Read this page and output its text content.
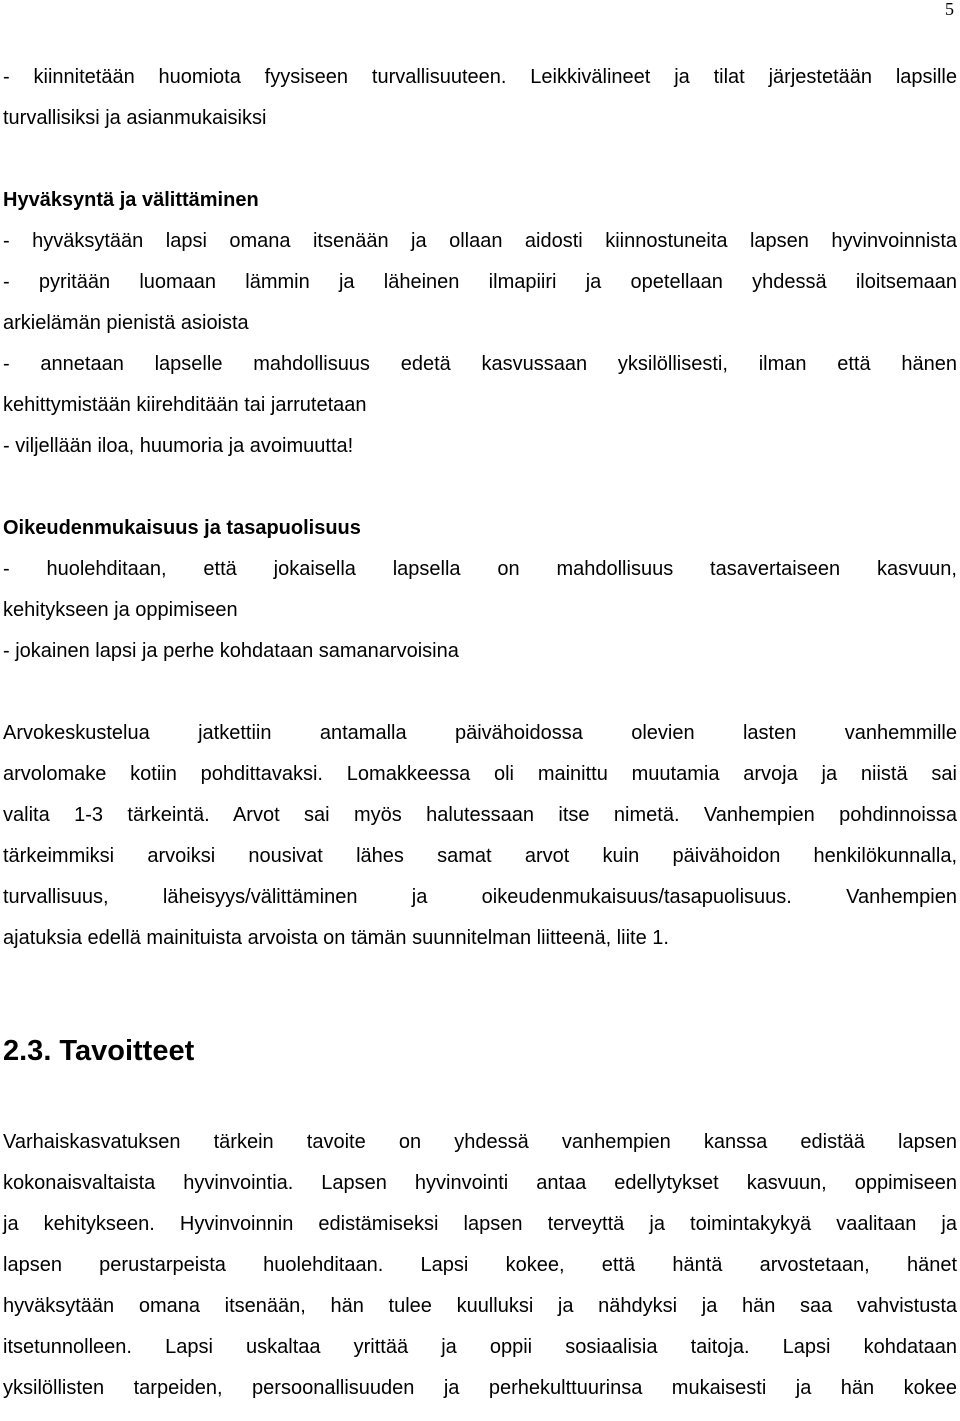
5
- kiinnitetään huomiota fyysiseen turvallisuuteen. Leikkivälineet ja tilat järjestetään lapsille
turvallisiksi ja asianmukaisiksi
Hyväksyntä ja välittäminen
- hyväksytään lapsi omana itsenään ja ollaan aidosti kiinnostuneita lapsen hyvinvoinnista
- pyritään luomaan lämmin ja läheinen ilmapiiri ja opetellaan yhdessä iloitsemaan
arkielämän pienistä asioista
- annetaan lapselle mahdollisuus edetä kasvussaan yksilöllisesti, ilman että hänen
kehittymistään kiirehditään tai jarrutetaan
- viljellään iloa, huumoria ja avoimuutta!
Oikeudenmukaisuus ja tasapuolisuus
- huolehditaan, että jokaisella lapsella on mahdollisuus tasavertaiseen kasvuun,
kehitykseen ja oppimiseen
- jokainen lapsi ja perhe kohdataan samanarvoisina
Arvokeskustelua jatkettiin antamalla päivähoidossa olevien lasten vanhemmille
arvolomake kotiin pohdittavaksi. Lomakkeessa oli mainittu muutamia arvoja ja niistä sai
valita 1-3 tärkeintä. Arvot sai myös halutessaan itse nimetä. Vanhempien pohdinnoissa
tärkeimmiksi arvoiksi nousivat lähes samat arvot kuin päivähoidon henkilökunnalla,
turvallisuus, läheisyys/välittäminen ja oikeudenmukaisuus/tasapuolisuus. Vanhempien
ajatuksia edellä mainituista arvoista on tämän suunnitelman liitteenä, liite 1.
2.3. Tavoitteet
Varhaiskasvatuksen tärkein tavoite on yhdessä vanhempien kanssa edistää lapsen
kokonaisvaltaista hyvinvointia. Lapsen hyvinvointi antaa edellytykset kasvuun, oppimiseen
ja kehitykseen. Hyvinvoinnin edistämiseksi lapsen terveyttä ja toimintakykyä vaalitaan ja
lapsen perustarpeista huolehditaan. Lapsi kokee, että häntä arvostetaan, hänet
hyväksytään omana itsenään, hän tulee kuulluksi ja nähdyksi ja hän saa vahvistusta
itsetunnolleen. Lapsi uskaltaa yrittää ja oppii sosiaalisia taitoja. Lapsi kohdataan
yksilöllisten tarpeiden, persoonallisuuden ja perhekulttuurinsa mukaisesti ja hän kokee
